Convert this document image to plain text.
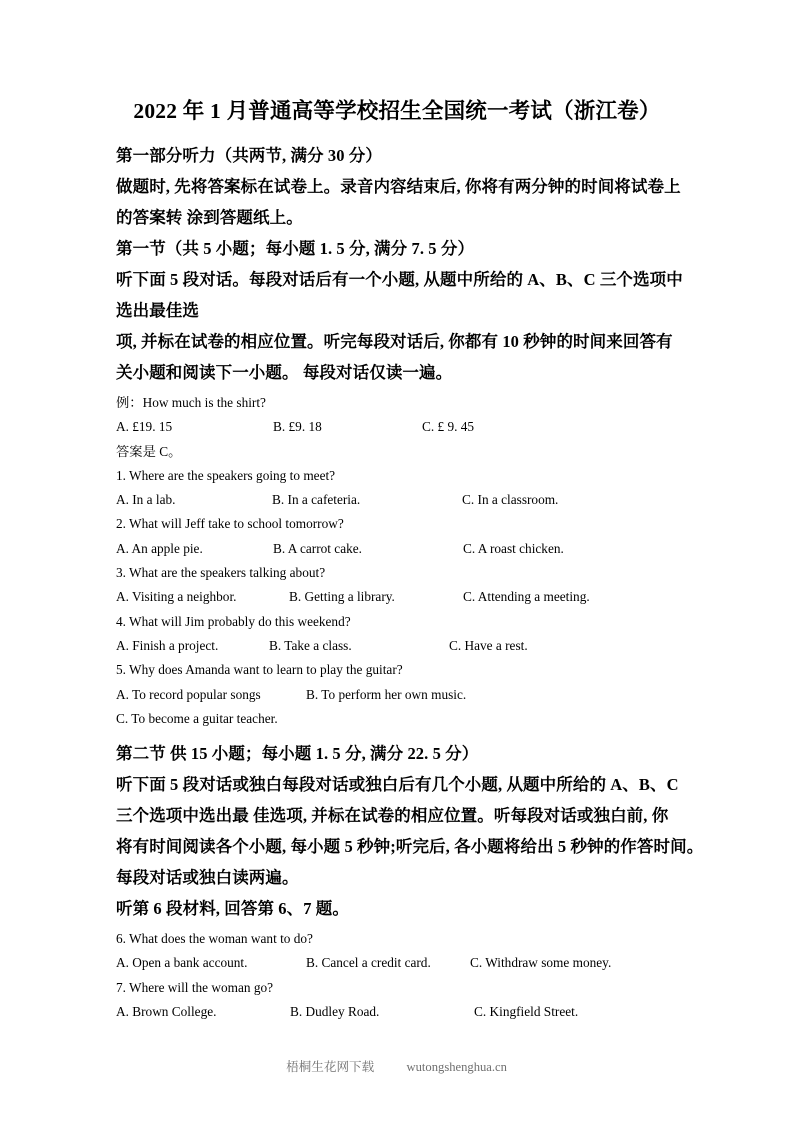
2022 年 1 月普通高等学校招生全国统一考试（浙江卷）

第一部分听力（共两节, 满分 30 分）

做题时, 先将答案标在试卷上。录音内容结束后, 你将有两分钟的时间将试卷上
的答案转 涂到答题纸上。

第一节（共 5 小题；每小题 1. 5 分, 满分 7. 5 分）

听下面 5 段对话。每段对话后有一个小题, 从题中所给的 A、B、C 三个选项中
选出最佳选
项, 并标在试卷的相应位置。听完每段对话后, 你都有 10 秒钟的时间来回答有
关小题和阅读下一小题。 每段对话仅读一遍。

例：How much is the shirt?

A. £19. 15	B. £9. 18	C. £ 9. 45

答案是 C。

1. Where are the speakers going to meet?

A. In a lab.	B. In a cafeteria.	C. In a classroom.

2. What will Jeff take to school tomorrow?

A. An apple pie.	B. A carrot cake.	C. A roast chicken.

3. What are the speakers talking about?

A. Visiting a neighbor.	B. Getting a library.	C. Attending a meeting.

4. What will Jim probably do this weekend?

A. Finish a project.	B. Take a class.	C. Have a rest.

5. Why does Amanda want to learn to play the guitar?

A. To record popular songs	B. To perform her own music.
C. To become a guitar teacher.

第二节 供 15 小题；每小题 1. 5 分, 满分 22. 5 分）

听下面 5 段对话或独白每段对话或独白后有几个小题, 从题中所给的 A、B、C
三个选项中选出最 佳选项, 并标在试卷的相应位置。听每段对话或独白前, 你
将有时间阅读各个小题, 每小题 5 秒钟;听完后, 各小题将给出 5 秒钟的作答时间。
每段对话或独白读两遍。

听第 6 段材料, 回答第 6、7 题。

6. What does the woman want to do?

A. Open a bank account.	B. Cancel a credit card.	C. Withdraw some money.

7. Where will the woman go?

A. Brown College.	B. Dudley Road.	C. Kingfield Street.
梧桐生花网下载	wutongshenghua.cn
